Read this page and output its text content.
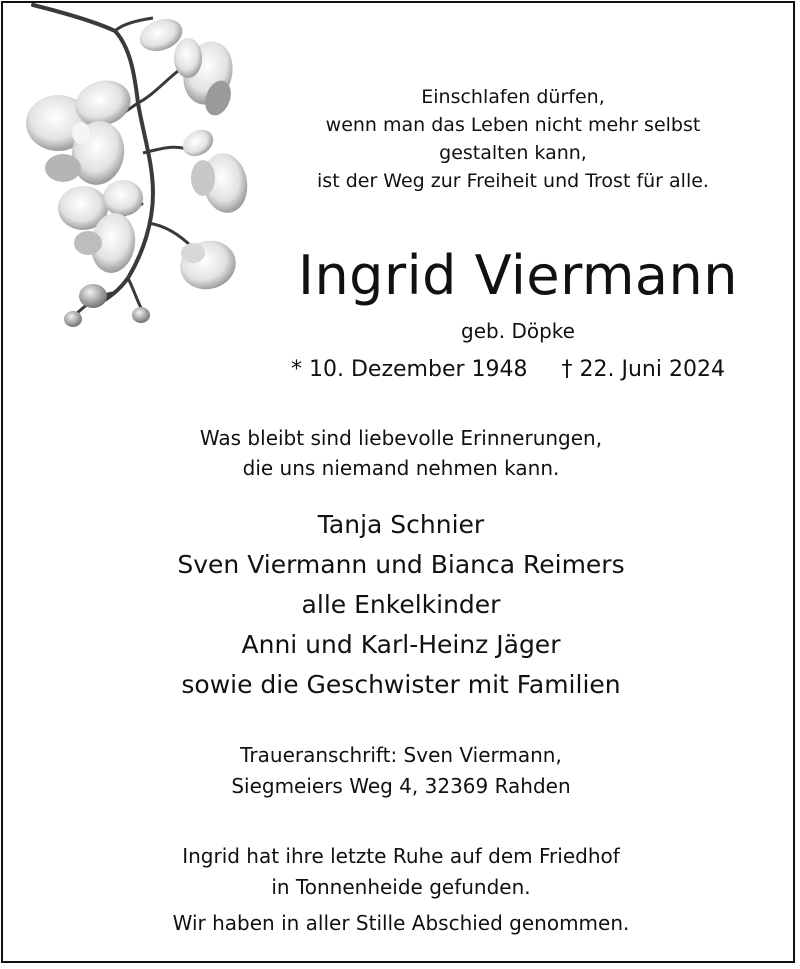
Einschlafen dürfen,
wenn man das Leben nicht mehr selbst
gestalten kann,
ist der Weg zur Freiheit und Trost für alle.
Ingrid Viermann
geb. Döpke
* 10. Dezember 1948 † 22. Juni 2024
Was bleibt sind liebevolle Erinnerungen,
die uns niemand nehmen kann.
Tanja Schnier
Sven Viermann und Bianca Reimers
alle Enkelkinder
Anni und Karl-Heinz Jäger
sowie die Geschwister mit Familien
Traueranschrift: Sven Viermann,
Siegmeiers Weg 4, 32369 Rahden
Ingrid hat ihre letzte Ruhe auf dem Friedhof
in Tonnenheide gefunden.
Wir haben in aller Stille Abschied genommen.
